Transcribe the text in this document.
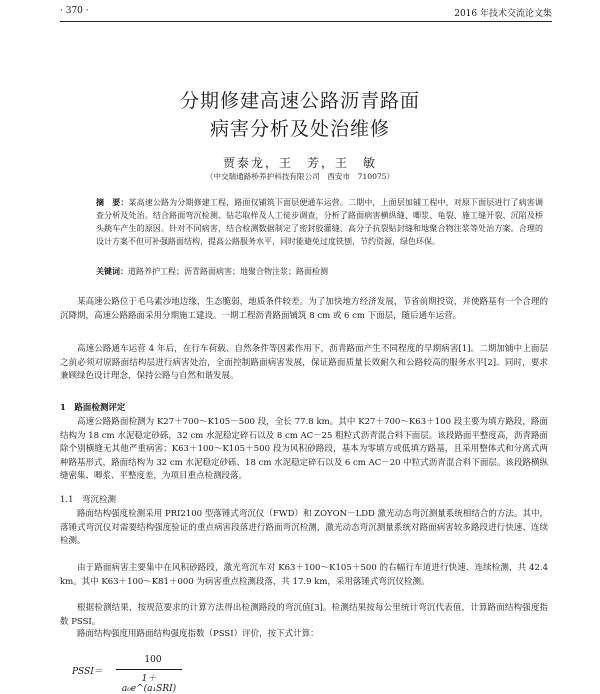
· 370 ·	2016 年技术交流论文集
分期修建高速公路沥青路面
病害分析及处治维修
贾泰龙，王　芳，王　敏
（中交瑞通路桥养护科技有限公司　西安市　710075）
摘　要：某高速公路为分期修建工程，路面仅铺筑下面层便通车运营。二期中，上面层加铺工程中，对原下面层进行了病害调查分析及处治。结合路面弯沉检测、钻芯取样及人工徒步调查，分析了路面病害横纵缝、唧浆、龟裂、施工缝开裂、沉陷及桥头跳车产生的原因。针对不同病害，结合检测数据制定了密封胶灌缝、高分子抗裂贴封缝和地聚合物注浆等处治方案。合理的设计方案不但可补强路面结构，提高公路服务水平，同时能避免过度铣刨，节约资源，绿色环保。
关键词：道路养护工程；沥青路面病害；地聚合物注浆；路面检测

某高速公路位于毛乌素沙地边缘，生态脆弱，地质条件较差。为了加快地方经济发展，节省前期投资，并使路基有一个合理的沉降期，高速公路路面采用分期施工建设。一期工程沥青路面铺筑 8 cm 或 6 cm 下面层，随后通车运营。

高速公路通车运营 4 年后，在行车荷载、自然条件等因素作用下，沥青路面产生不同程度的早期病害[1]。二期加铺中上面层之前必须对原路面结构层进行病害处治，全面控制路面病害发展，保证路面质量长效耐久和公路较高的服务水平[2]。同时，要求兼顾绿色设计理念，保持公路与自然和谐发展。

1　路面检测评定

高速公路路面检测为 K27＋700～K105－500 段，全长 77.8 km。其中 K27＋700～K63＋100 段主要为填方路段，路面结构为 18 cm 水泥稳定砂砾，32 cm 水泥稳定碎石以及 8 cm AC－25 粗粒式沥青混合料下面层。该段路面平整度高，沥青路面除个别横缝无其他严重病害；K63＋100～K105＋500 段为风积砂路段，基本为零填方或低填方路基，且采用整体式和分离式两种路基形式，路面结构为 32 cm 水泥稳定砂砾、18 cm 水泥稳定碎石以及 6 cm AC－20 中粒式沥青混合料下面层。该段路横纵缝密集、唧浆、平整度差，为项目重点检测段落。

1.1　弯沉检测

路面结构强度检测采用 PRI2100 型落锤式弯沉仪（FWD）和 ZOYON－LDD 激光动态弯沉测量系统相结合的方法。其中，落锤式弯沉仪对需要结构强度验证的重点病害段落进行路面弯沉检测，激光动态弯沉测量系统对路面病害较多路段进行快速、连续检测。

由于路面病害主要集中在风积砂路段，激光弯沉车对 K63＋100～K105＋500 的右幅行车道进行快速、连续检测，共 42.4 km。其中 K63＋100～K81＋000 为病害重点检测段落，共 17.9 km，采用落锤式弯沉仪检测。

根据检测结果，按规范要求的计算方法得出检测路段的弯沉值[3]。检测结果按每公里统计弯沉代表值，计算路面结构强度指数 PSSI。

路面结构强度用路面结构强度指数（PSSI）评价，按下式计算：

PSSI＝
100
1＋a₀e^(a₁SRI)
